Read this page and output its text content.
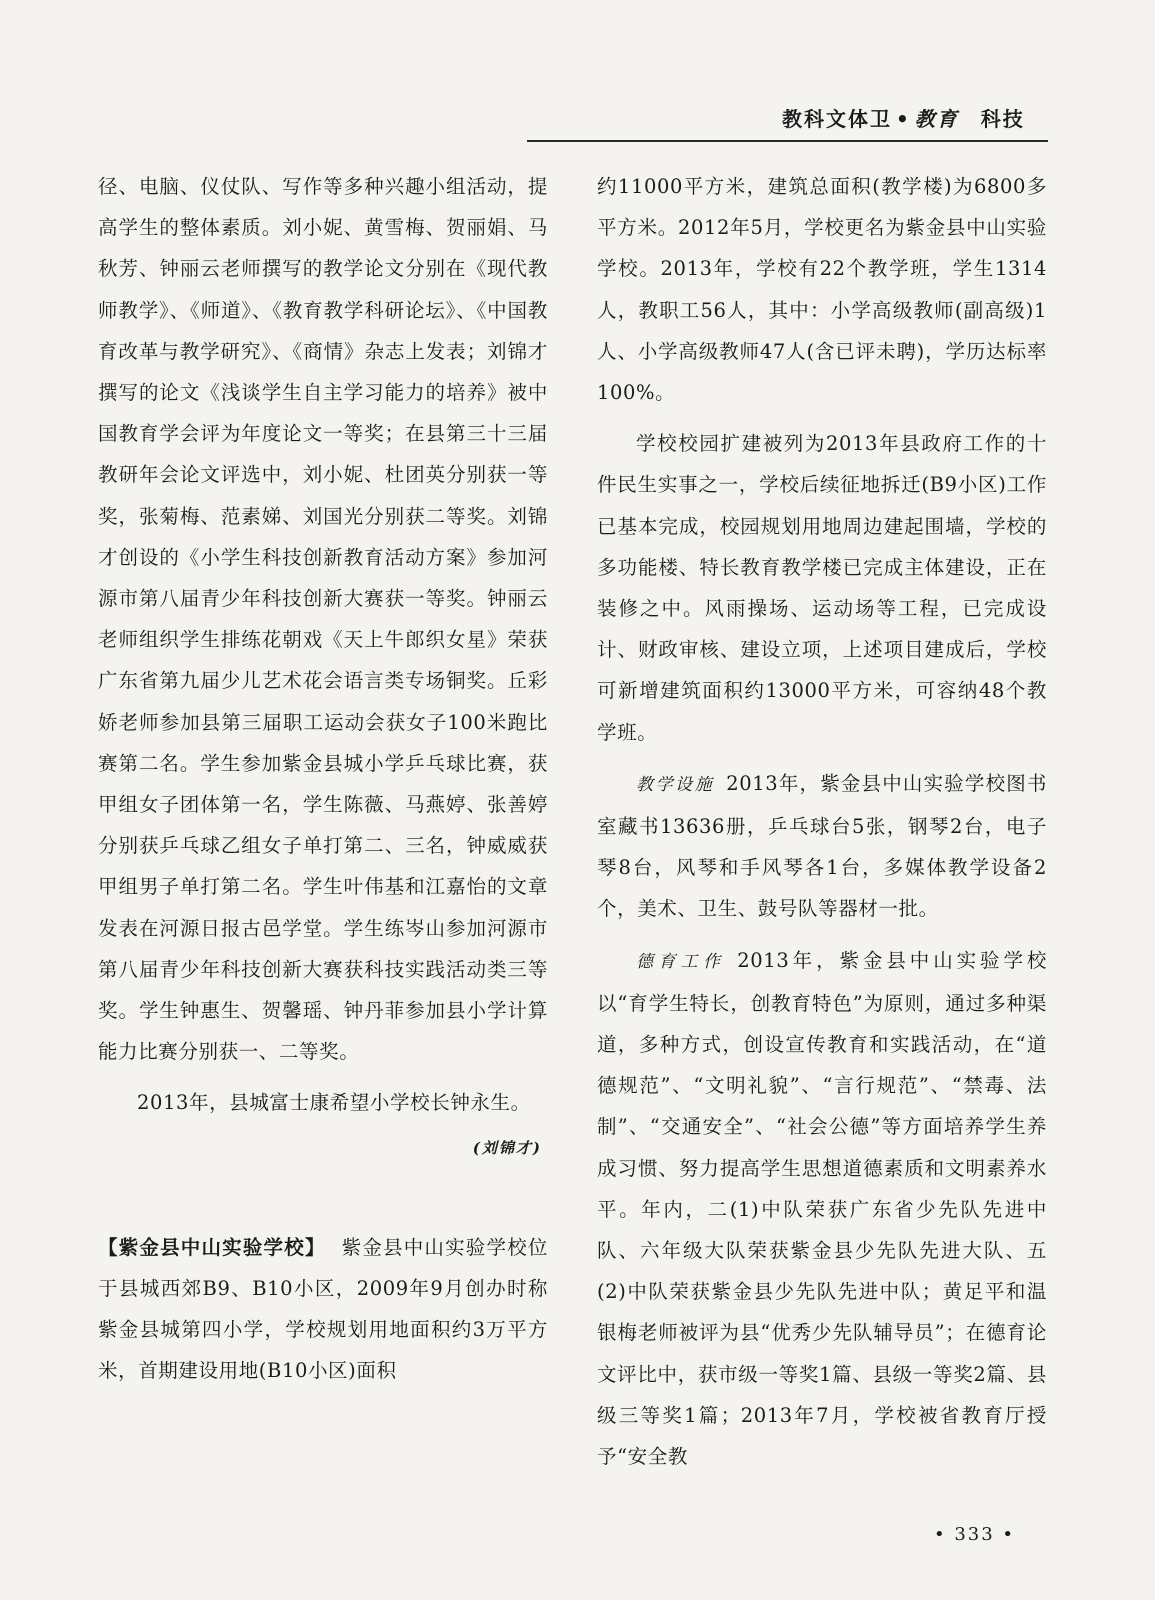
教科文体卫 • 教育 科技

径、电脑、仪仗队、写作等多种兴趣小组活动，提高学生的整体素质。刘小妮、黄雪梅、贺丽娟、马秋芳、钟丽云老师撰写的教学论文分别在《现代教师教学》、《师道》、《教育教学科研论坛》、《中国教育改革与教学研究》、《商情》杂志上发表；刘锦才撰写的论文《浅谈学生自主学习能力的培养》被中国教育学会评为年度论文一等奖；在县第三十三届教研年会论文评选中，刘小妮、杜团英分别获一等奖，张菊梅、范素娣、刘国光分别获二等奖。刘锦才创设的《小学生科技创新教育活动方案》参加河源市第八届青少年科技创新大赛获一等奖。钟丽云老师组织学生排练花朝戏《天上牛郎织女星》荣获广东省第九届少儿艺术花会语言类专场铜奖。丘彩娇老师参加县第三届职工运动会获女子100米跑比赛第二名。学生参加紫金县城小学乒乓球比赛，获甲组女子团体第一名，学生陈薇、马燕婷、张善婷分别获乒乓球乙组女子单打第二、三名，钟威威获甲组男子单打第二名。学生叶伟基和江嘉怡的文章发表在河源日报古邑学堂。学生练岑山参加河源市第八届青少年科技创新大赛获科技实践活动类三等奖。学生钟惠生、贺馨瑶、钟丹菲参加县小学计算能力比赛分别获一、二等奖。

2013年，县城富士康希望小学校长钟永生。

(刘锦才)

【紫金县中山实验学校】 紫金县中山实验学校位于县城西郊B9、B10小区，2009年9月创办时称紫金县城第四小学，学校规划用地面积约3万平方米，首期建设用地(B10小区)面积

约11000平方米，建筑总面积(教学楼)为6800多平方米。2012年5月，学校更名为紫金县中山实验学校。2013年，学校有22个教学班，学生1314人，教职工56人，其中：小学高级教师(副高级)1人、小学高级教师47人(含已评未聘)，学历达标率100%。

学校校园扩建被列为2013年县政府工作的十件民生实事之一，学校后续征地拆迁(B9小区)工作已基本完成，校园规划用地周边建起围墙，学校的多功能楼、特长教育教学楼已完成主体建设，正在装修之中。风雨操场、运动场等工程，已完成设计、财政审核、建设立项，上述项目建成后，学校可新增建筑面积约13000平方米，可容纳48个教学班。

教学设施 2013年，紫金县中山实验学校图书室藏书13636册，乒乓球台5张，钢琴2台，电子琴8台，风琴和手风琴各1台，多媒体教学设备2个，美术、卫生、鼓号队等器材一批。

德育工作 2013年，紫金县中山实验学校以“育学生特长，创教育特色”为原则，通过多种渠道，多种方式，创设宣传教育和实践活动，在“道德规范”、“文明礼貌”、“言行规范”、“禁毒、法制”、“交通安全”、“社会公德”等方面培养学生养成习惯、努力提高学生思想道德素质和文明素养水平。年内，二(1)中队荣获广东省少先队先进中队、六年级大队荣获紫金县少先队先进大队、五(2)中队荣获紫金县少先队先进中队；黄足平和温银梅老师被评为县“优秀少先队辅导员”；在德育论文评比中，获市级一等奖1篇、县级一等奖2篇、县级三等奖1篇；2013年7月，学校被省教育厅授予“安全教

• 333 •
